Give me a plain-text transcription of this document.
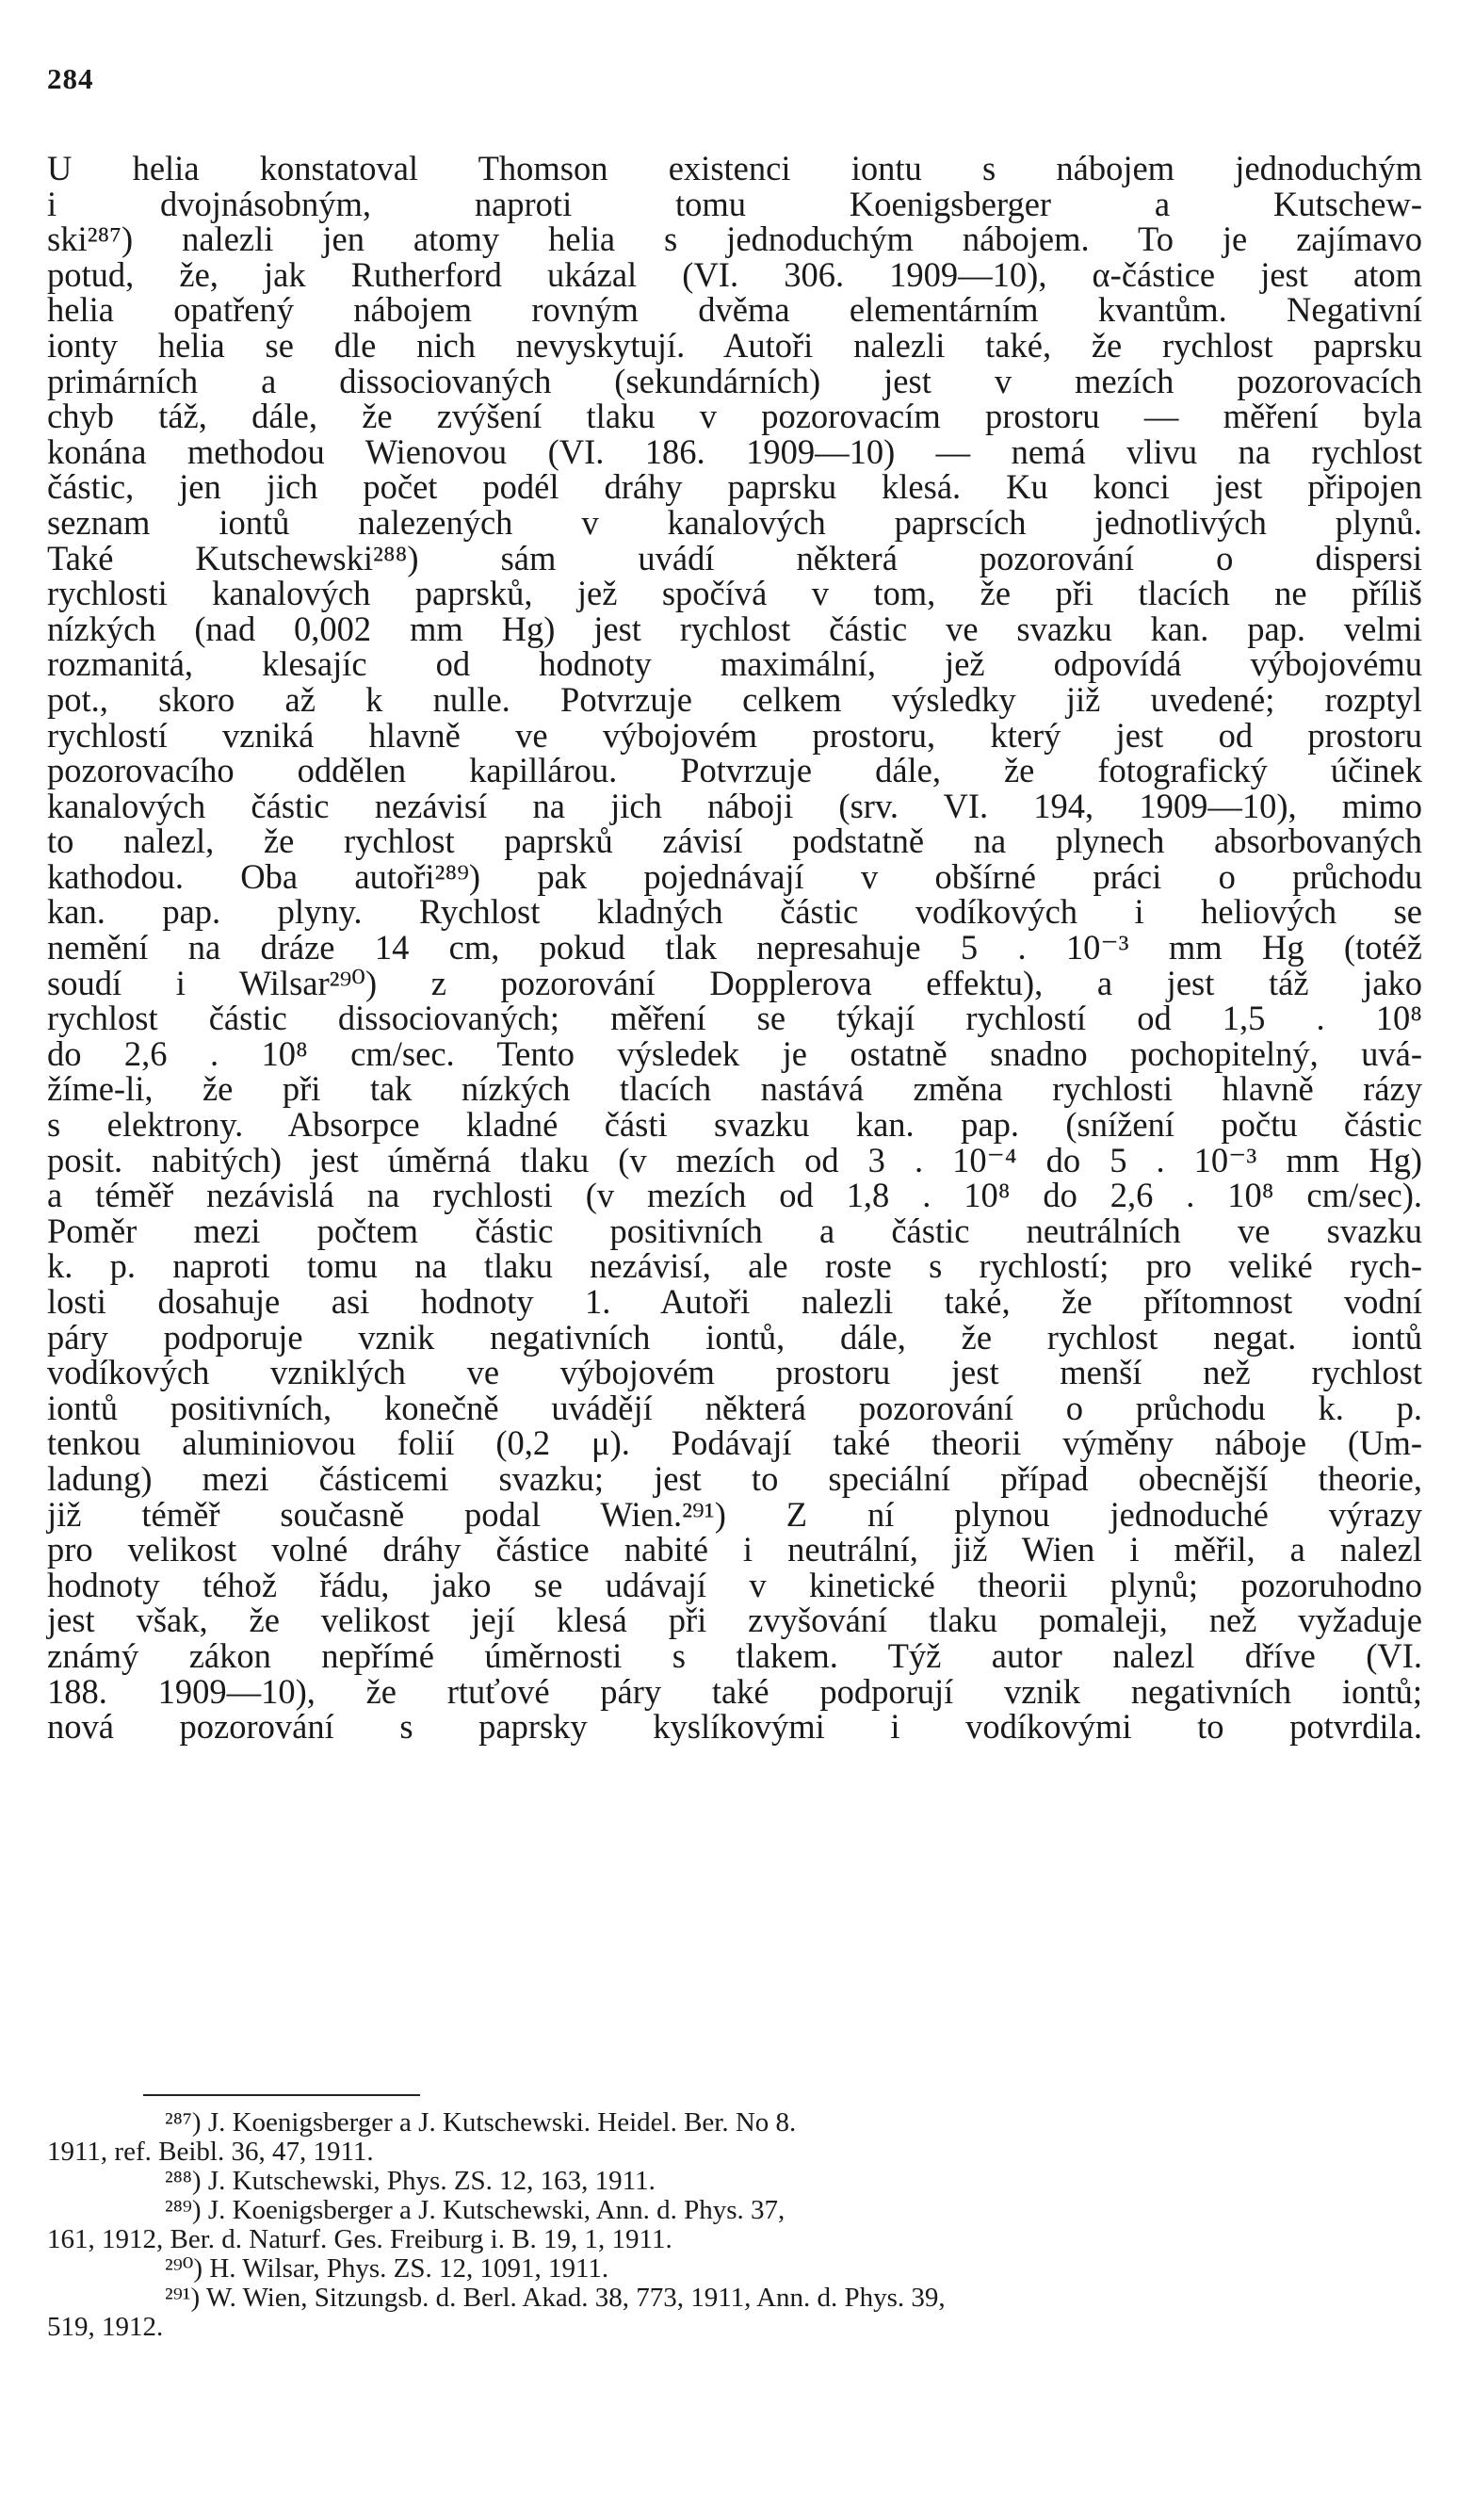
284
U helia konstatoval Thomson existenci iontu s nábojem jednoduchým
i dvojnásobným, naproti tomu Koenigsberger a Kutschew-
ski²⁸⁷) nalezli jen atomy helia s jednoduchým nábojem. To je zajímavo
potud, že, jak Rutherford ukázal (VI. 306. 1909—10), α-částice jest atom
helia opatřený nábojem rovným dvěma elementárním kvantům. Negativní
ionty helia se dle nich nevyskytují. Autoři nalezli také, že rychlost paprsku
primárních a dissociovaných (sekundárních) jest v mezích pozorovacích
chyb táž, dále, že zvýšení tlaku v pozorovacím prostoru — měření byla
konána methodou Wienovou (VI. 186. 1909—10) — nemá vlivu na rychlost
částic, jen jich počet podél dráhy paprsku klesá. Ku konci jest připojen
seznam iontů nalezených v kanalových paprscích jednotlivých plynů.
Také Kutschewski²⁸⁸) sám uvádí některá pozorování o dispersi
rychlosti kanalových paprsků, jež spočívá v tom, že při tlacích ne příliš
nízkých (nad 0,002 mm Hg) jest rychlost částic ve svazku kan. pap. velmi
rozmanitá, klesajíc od hodnoty maximální, jež odpovídá výbojovému
pot., skoro až k nulle. Potvrzuje celkem výsledky již uvedené; rozptyl
rychlostí vzniká hlavně ve výbojovém prostoru, který jest od prostoru
pozorovacího oddělen kapillárou. Potvrzuje dále, že fotografický účinek
kanalových částic nezávisí na jich náboji (srv. VI. 194, 1909—10), mimo
to nalezl, že rychlost paprsků závisí podstatně na plynech absorbovaných
kathodou. Oba autoři²⁸⁹) pak pojednávají v obšírné práci o průchodu
kan. pap. plyny. Rychlost kladných částic vodíkových i heliových se
nemění na dráze 14 cm, pokud tlak nepresahuje 5 . 10⁻³ mm Hg (totéž
soudí i Wilsar²⁹⁰) z pozorování Dopplerova effektu), a jest táž jako
rychlost částic dissociovaných; měření se týkají rychlostí od 1,5 . 10⁸
do 2,6 . 10⁸ cm/sec. Tento výsledek je ostatně snadno pochopitelný, uvá-
žíme-li, že při tak nízkých tlacích nastává změna rychlosti hlavně rázy
s elektrony. Absorpce kladné části svazku kan. pap. (snížení počtu částic
posit. nabitých) jest úměrná tlaku (v mezích od 3 . 10⁻⁴ do 5 . 10⁻³ mm Hg)
a téměř nezávislá na rychlosti (v mezích od 1,8 . 10⁸ do 2,6 . 10⁸ cm/sec).
Poměr mezi počtem částic positivních a částic neutrálních ve svazku
k. p. naproti tomu na tlaku nezávisí, ale roste s rychlostí; pro veliké rych-
losti dosahuje asi hodnoty 1. Autoři nalezli také, že přítomnost vodní
páry podporuje vznik negativních iontů, dále, že rychlost negat. iontů
vodíkových vzniklých ve výbojovém prostoru jest menší než rychlost
iontů positivních, konečně uvádějí některá pozorování o průchodu k. p.
tenkou aluminiovou folií (0,2 μ). Podávají také theorii výměny náboje (Um-
ladung) mezi částicemi svazku; jest to speciální případ obecnější theorie,
již téměř současně podal Wien.²⁹¹) Z ní plynou jednoduché výrazy
pro velikost volné dráhy částice nabité i neutrální, již Wien i měřil, a nalezl
hodnoty téhož řádu, jako se udávají v kinetické theorii plynů; pozoruhodno
jest však, že velikost její klesá při zvyšování tlaku pomaleji, než vyžaduje
známý zákon nepřímé úměrnosti s tlakem. Týž autor nalezl dříve (VI.
188. 1909—10), že rtuťové páry také podporují vznik negativních iontů;
nová pozorování s paprsky kyslíkovými i vodíkovými to potvrdila.
²⁸⁷) J. Koenigsberger a J. Kutschewski. Heidel. Ber. No 8.
1911, ref. Beibl. 36, 47, 1911.
²⁸⁸) J. Kutschewski, Phys. ZS. 12, 163, 1911.
²⁸⁹) J. Koenigsberger a J. Kutschewski, Ann. d. Phys. 37,
161, 1912, Ber. d. Naturf. Ges. Freiburg i. B. 19, 1, 1911.
²⁹⁰) H. Wilsar, Phys. ZS. 12, 1091, 1911.
²⁹¹) W. Wien, Sitzungsb. d. Berl. Akad. 38, 773, 1911, Ann. d. Phys. 39,
519, 1912.
